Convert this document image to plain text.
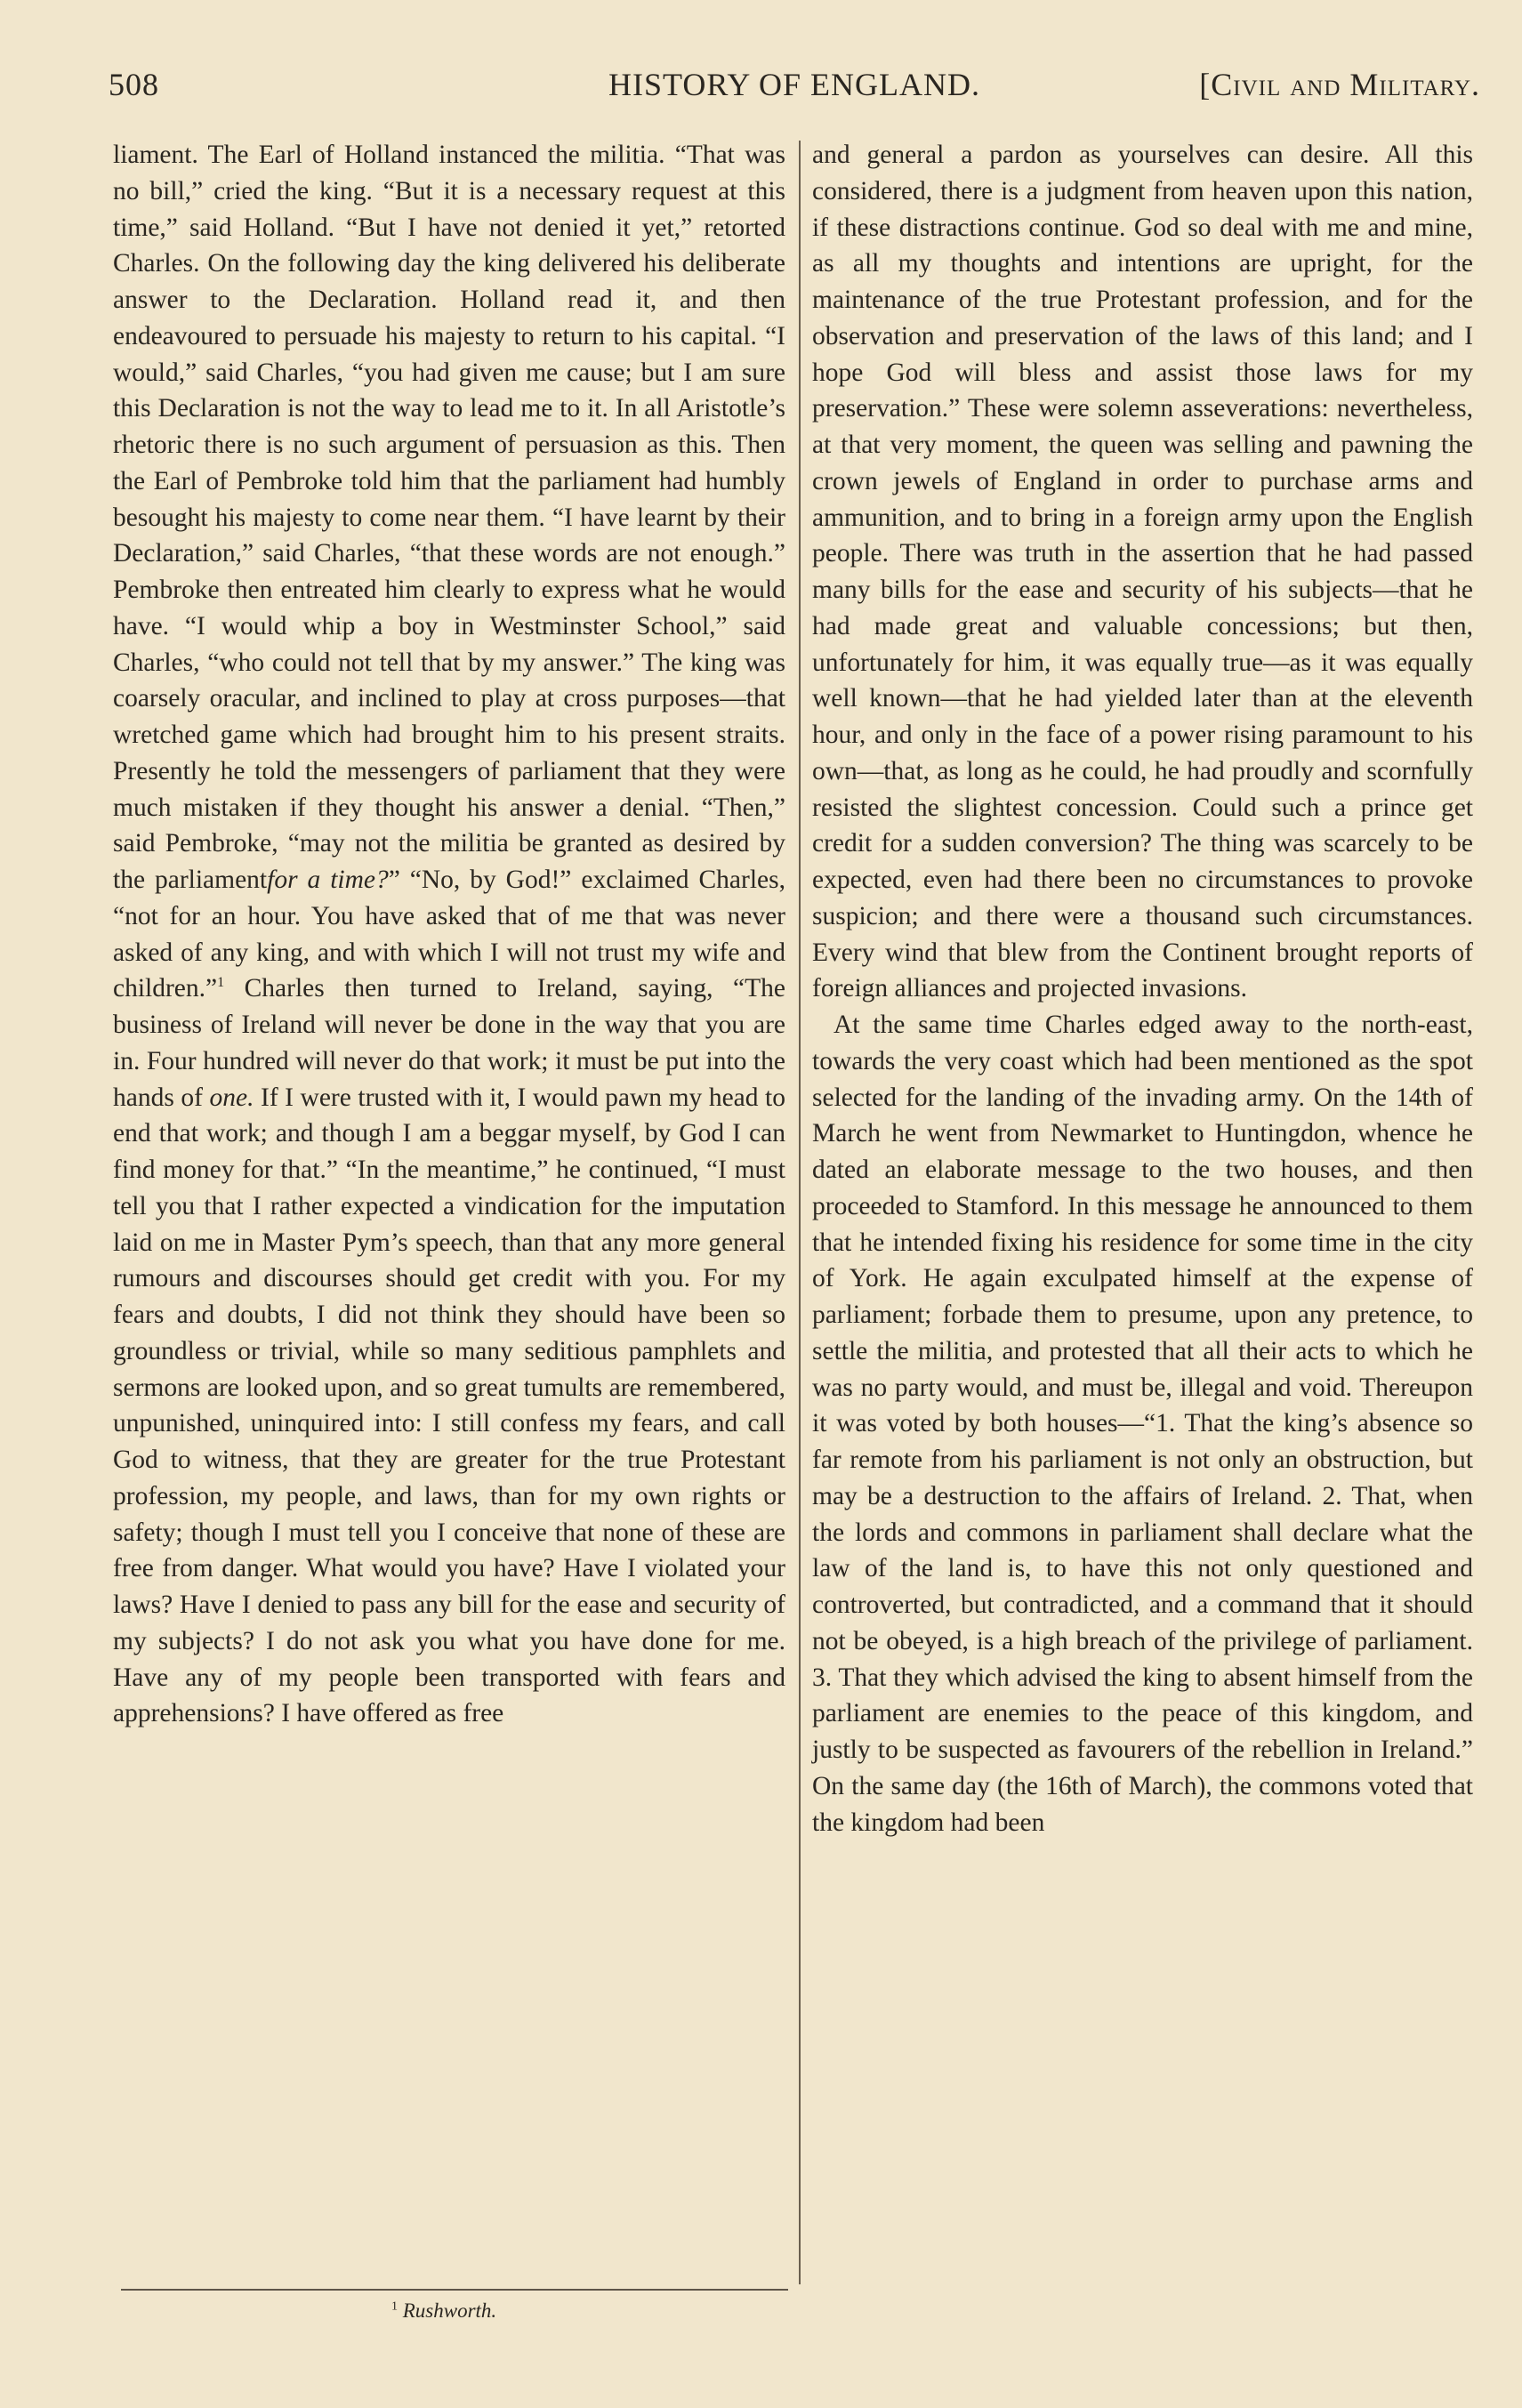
508	HISTORY OF ENGLAND.	[Civil and Military.

liament. The Earl of Holland instanced the militia. “That was no bill,” cried the king. “But it is a necessary request at this time,” said Holland. “But I have not denied it yet,” retorted Charles. On the following day the king delivered his deliberate answer to the Declaration. Holland read it, and then endeavoured to persuade his majesty to return to his capital. “I would,” said Charles, “you had given me cause; but I am sure this Declaration is not the way to lead me to it. In all Aristotle’s rhetoric there is no such argument of persuasion as this. Then the Earl of Pembroke told him that the parliament had humbly besought his majesty to come near them. “I have learnt by their Declaration,” said Charles, “that these words are not enough.” Pembroke then entreated him clearly to express what he would have. “I would whip a boy in Westminster School,” said Charles, “who could not tell that by my answer.” The king was coarsely oracular, and inclined to play at cross purposes—that wretched game which had brought him to his present straits. Presently he told the messengers of parliament that they were much mistaken if they thought his answer a denial. “Then,” said Pembroke, “may not the militia be granted as desired by the parliamentfor a time?” “No, by God!” exclaimed Charles, “not for an hour. You have asked that of me that was never asked of any king, and with which I will not trust my wife and children.”$^1$ Charles then turned to Ireland, saying, “The business of Ireland will never be done in the way that you are in. Four hundred will never do that work; it must be put into the hands of one. If I were trusted with it, I would pawn my head to end that work; and though I am a beggar myself, by God I can find money for that.” “In the meantime,” he continued, “I must tell you that I rather expected a vindication for the imputation laid on me in Master Pym’s speech, than that any more general rumours and discourses should get credit with you. For my fears and doubts, I did not think they should have been so groundless or trivial, while so many seditious pamphlets and sermons are looked upon, and so great tumults are remembered, unpunished, uninquired into: I still confess my fears, and call God to witness, that they are greater for the true Protestant profession, my people, and laws, than for my own rights or safety; though I must tell you I conceive that none of these are free from danger. What would you have? Have I violated your laws? Have I denied to pass any bill for the ease and security of my subjects? I do not ask you what you have done for me. Have any of my people been transported with fears and apprehensions? I have offered as free

and general a pardon as yourselves can desire. All this considered, there is a judgment from heaven upon this nation, if these distractions continue. God so deal with me and mine, as all my thoughts and intentions are upright, for the maintenance of the true Protestant profession, and for the observation and preservation of the laws of this land; and I hope God will bless and assist those laws for my preservation.” These were solemn asseverations: nevertheless, at that very moment, the queen was selling and pawning the crown jewels of England in order to purchase arms and ammunition, and to bring in a foreign army upon the English people. There was truth in the assertion that he had passed many bills for the ease and security of his subjects—that he had made great and valuable concessions; but then, unfortunately for him, it was equally true—as it was equally well known—that he had yielded later than at the eleventh hour, and only in the face of a power rising paramount to his own—that, as long as he could, he had proudly and scornfully resisted the slightest concession. Could such a prince get credit for a sudden conversion? The thing was scarcely to be expected, even had there been no circumstances to provoke suspicion; and there were a thousand such circumstances. Every wind that blew from the Continent brought reports of foreign alliances and projected invasions.

At the same time Charles edged away to the north-east, towards the very coast which had been mentioned as the spot selected for the landing of the invading army. On the 14th of March he went from Newmarket to Huntingdon, whence he dated an elaborate message to the two houses, and then proceeded to Stamford. In this message he announced to them that he intended fixing his residence for some time in the city of York. He again exculpated himself at the expense of parliament; forbade them to presume, upon any pretence, to settle the militia, and protested that all their acts to which he was no party would, and must be, illegal and void. Thereupon it was voted by both houses—“1. That the king’s absence so far remote from his parliament is not only an obstruction, but may be a destruction to the affairs of Ireland. 2. That, when the lords and commons in parliament shall declare what the law of the land is, to have this not only questioned and controverted, but contradicted, and a command that it should not be obeyed, is a high breach of the privilege of parliament. 3. That they which advised the king to absent himself from the parliament are enemies to the peace of this kingdom, and justly to be suspected as favourers of the rebellion in Ireland.” On the same day (the 16th of March), the commons voted that the kingdom had been

$^1$ Rushworth.
